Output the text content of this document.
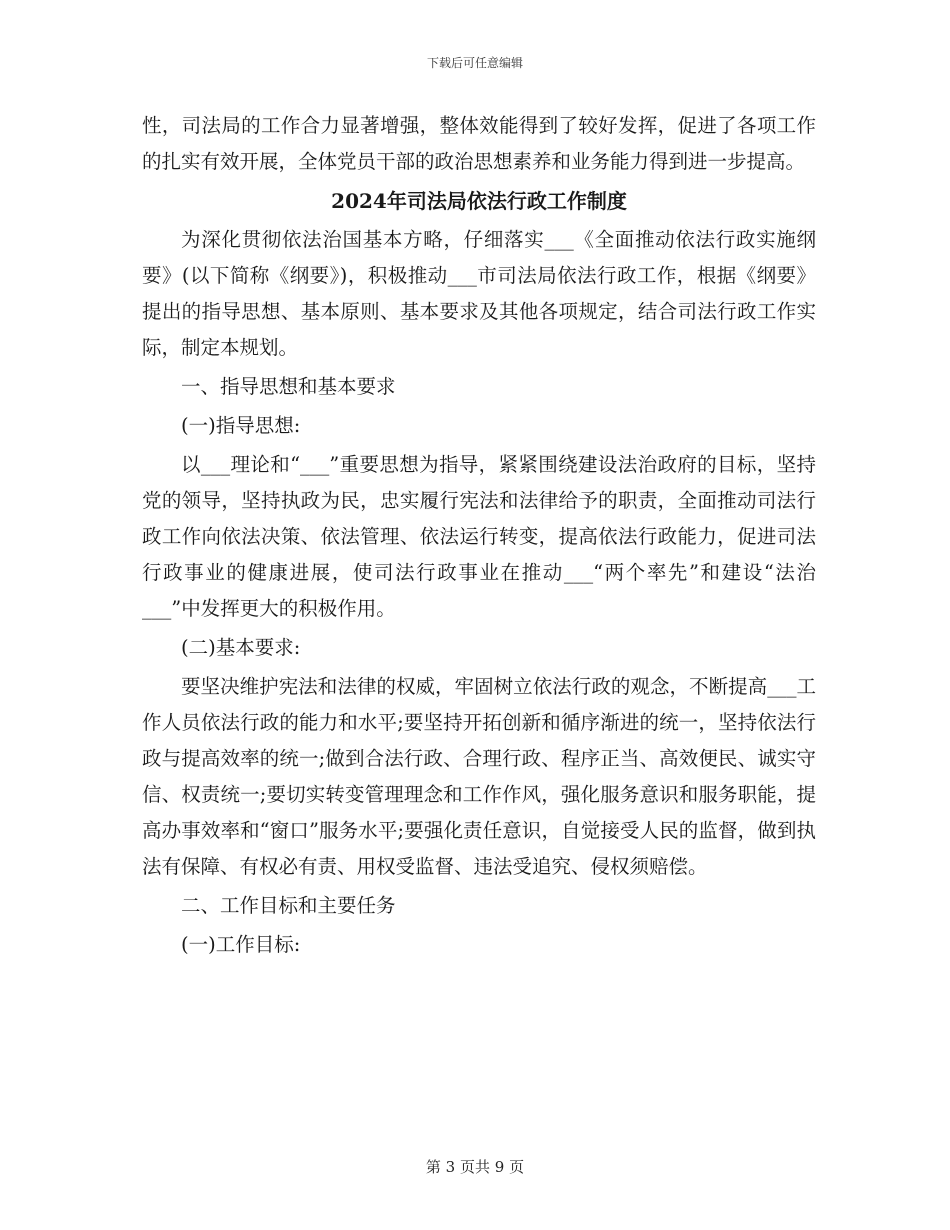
下载后可任意编辑

性，司法局的工作合力显著增强，整体效能得到了较好发挥，促进了各项工作的扎实有效开展，全体党员干部的政治思想素养和业务能力得到进一步提高。

2024年司法局依法行政工作制度

为深化贯彻依法治国基本方略，仔细落实___《全面推动依法行政实施纲要》(以下简称《纲要》)，积极推动___市司法局依法行政工作，根据《纲要》提出的指导思想、基本原则、基本要求及其他各项规定，结合司法行政工作实际，制定本规划。

一、指导思想和基本要求

(一)指导思想:

以___理论和“___”重要思想为指导，紧紧围绕建设法治政府的目标，坚持党的领导，坚持执政为民，忠实履行宪法和法律给予的职责，全面推动司法行政工作向依法决策、依法管理、依法运行转变，提高依法行政能力，促进司法行政事业的健康进展，使司法行政事业在推动___“两个率先”和建设“法治___”中发挥更大的积极作用。

(二)基本要求:

要坚决维护宪法和法律的权威，牢固树立依法行政的观念，不断提高___工作人员依法行政的能力和水平;要坚持开拓创新和循序渐进的统一，坚持依法行政与提高效率的统一;做到合法行政、合理行政、程序正当、高效便民、诚实守信、权责统一;要切实转变管理理念和工作作风，强化服务意识和服务职能，提高办事效率和“窗口”服务水平;要强化责任意识，自觉接受人民的监督，做到执法有保障、有权必有责、用权受监督、违法受追究、侵权须赔偿。

二、工作目标和主要任务

(一)工作目标:

第 3 页共 9 页
